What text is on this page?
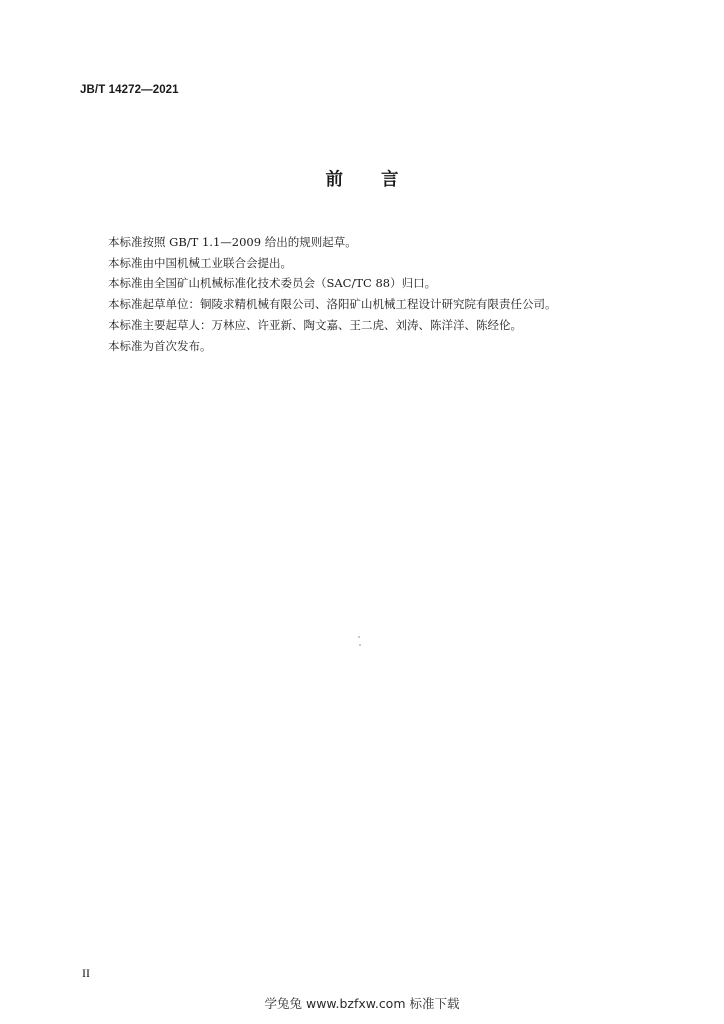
JB/T 14272—2021
前言
本标准按照 GB/T 1.1—2009 给出的规则起草。
本标准由中国机械工业联合会提出。
本标准由全国矿山机械标准化技术委员会（SAC/TC 88）归口。
本标准起草单位：铜陵求精机械有限公司、洛阳矿山机械工程设计研究院有限责任公司。
本标准主要起草人：万林应、许亚新、陶文嘉、王二虎、刘涛、陈洋洋、陈经伦。
本标准为首次发布。
II
学兔兔 www.bzfxw.com 标准下载
